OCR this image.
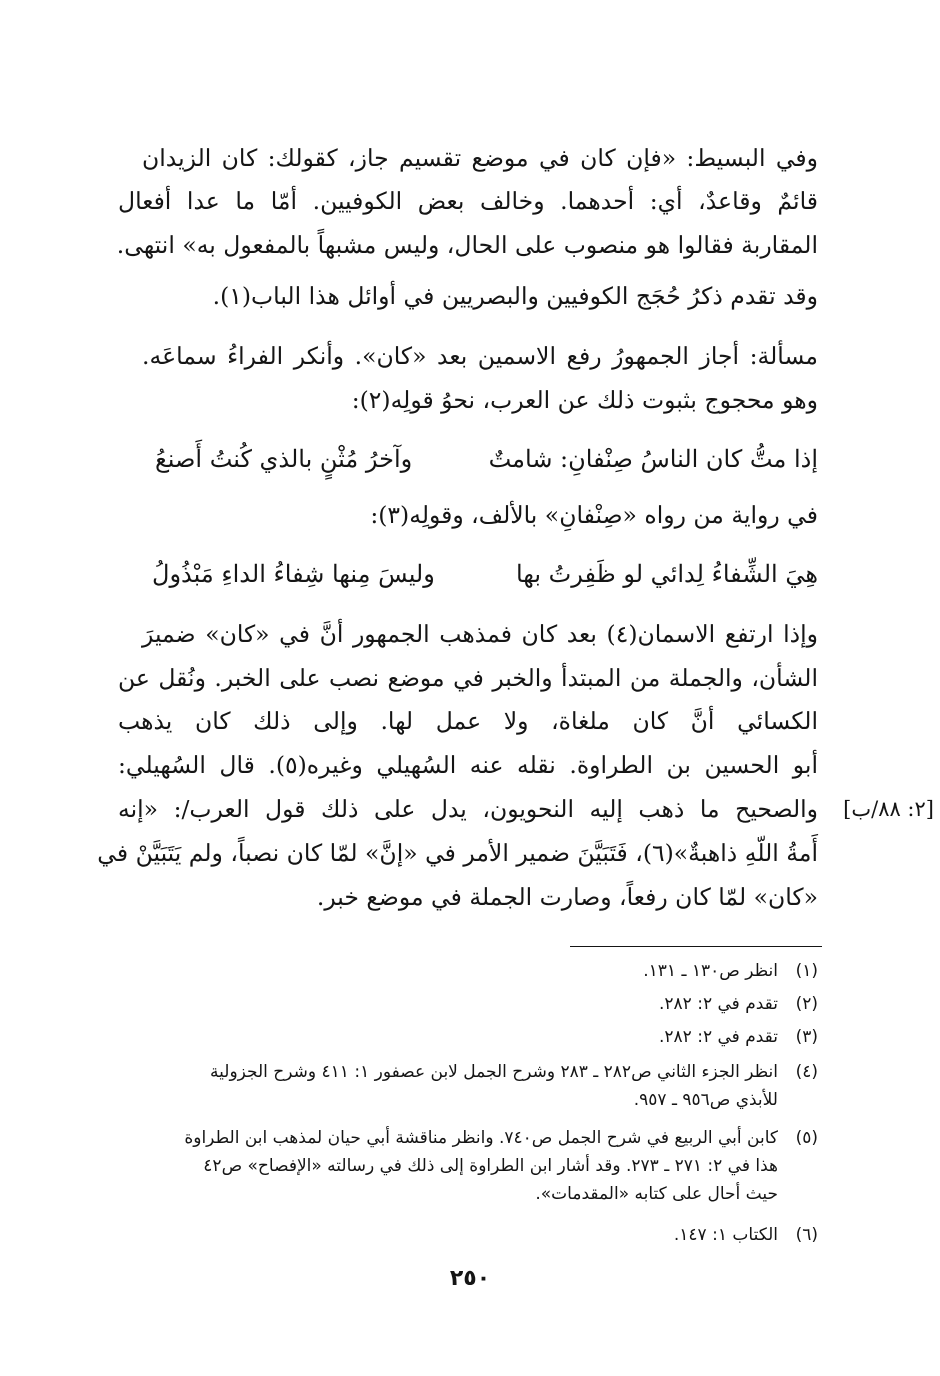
وفي البسيط: «فإن كان في موضع تقسيم جاز، كقولك: كان الزيدان
قائمٌ وقاعدٌ، أي: أحدهما. وخالف بعض الكوفيين. أمّا ما عدا أفعال
المقاربة فقالوا هو منصوب على الحال، وليس مشبهاً بالمفعول به» انتهى.
وقد تقدم ذكرُ حُجَج الكوفيين والبصريين في أوائل هذا الباب(١).
مسألة: أجاز الجمهورُ رفع الاسمين بعد «كان». وأنكر الفراءُ سماعَه.
وهو محجوج بثبوت ذلك عن العرب، نحوُ قولِه(٢):
إذا متُّ كان الناسُ صِنْفانِ: شامتٌ
وآخرُ مُثْنٍ بالذي كُنتُ أَصنعُ
في رواية من رواه «صِنْفانِ» بالألف، وقولِه(٣):
هِيَ الشِّفاءُ لِدائي لو ظَفِرتُ بها
وليسَ مِنها شِفاءُ الداءِ مَبْذُولُ
وإذا ارتفع الاسمان(٤) بعد كان فمذهب الجمهور أنَّ في «كان» ضميرَ
الشأن، والجملة من المبتدأ والخبر في موضع نصب على الخبر. ونُقل عن
الكسائي أنَّ كان ملغاة، ولا عمل لها. وإلى ذلك كان يذهب
أبو الحسين بن الطراوة. نقله عنه السُهيلي وغيره(٥). قال السُهيلي:
والصحيح ما ذهب إليه النحويون، يدل على ذلك قول العرب/: «إنه	[٢: ٨٨/ب]
أَمةُ اللّهِ ذاهبةٌ»(٦)، فَتَبَيَّنَ ضمير الأمر في «إنَّ» لمّا كان نصباً، ولم يَتَبَيَّنْ في
«كان» لمّا كان رفعاً، وصارت الجملة في موضع خبر.
(١)
انظر ص١٣٠ ـ ١٣١.
(٢)
تقدم في ٢: ٢٨٢.
(٣)
تقدم في ٢: ٢٨٢.
(٤)
انظر الجزء الثاني ص٢٨٢ ـ ٢٨٣ وشرح الجمل لابن عصفور ١: ٤١١ وشرح الجزولية
للأبذي ص٩٥٦ ـ ٩٥٧.
(٥)
كابن أبي الربيع في شرح الجمل ص٧٤٠. وانظر مناقشة أبي حيان لمذهب ابن الطراوة
هذا في ٢: ٢٧١ ـ ٢٧٣. وقد أشار ابن الطراوة إلى ذلك في رسالته «الإفصاح» ص٤٢
حيث أحال على كتابه «المقدمات».
(٦)
الكتاب ١: ١٤٧.
٢٥٠
